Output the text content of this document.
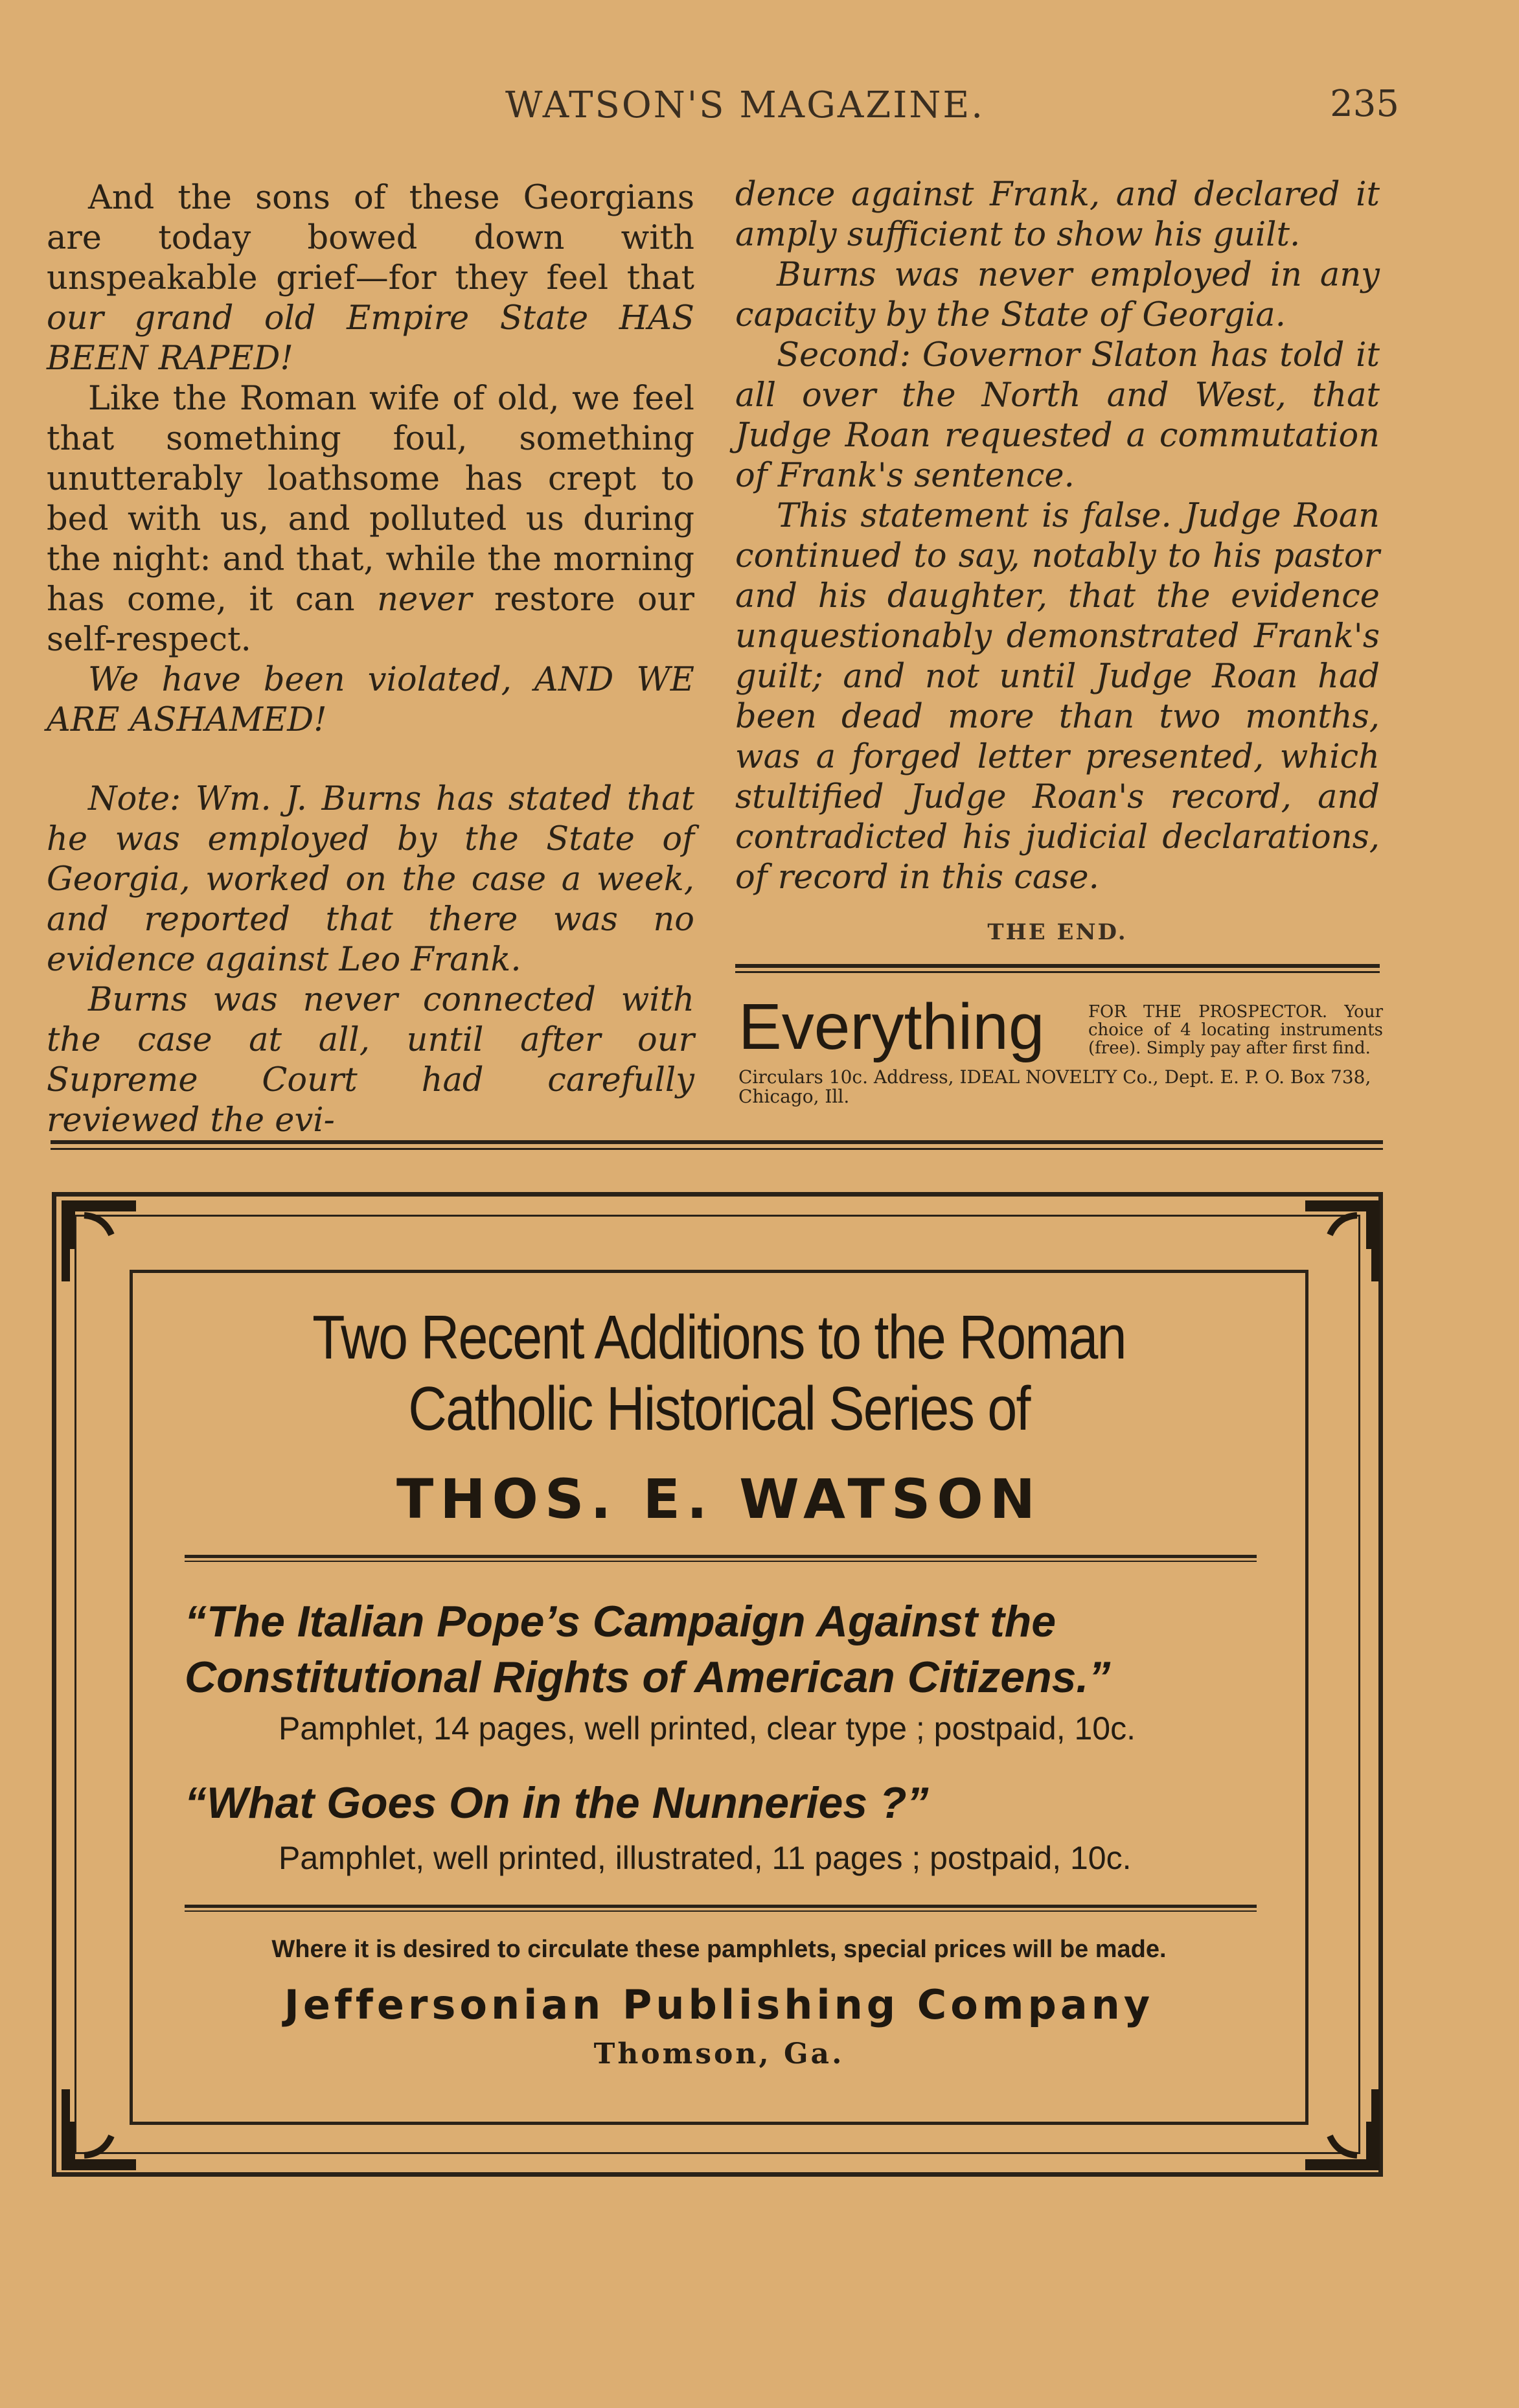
WATSON'S MAGAZINE.	235

And the sons of these Georgians are today bowed down with unspeakable grief—for they feel that our grand old Empire State HAS BEEN RAPED!

Like the Roman wife of old, we feel that something foul, something unutterably loathsome has crept to bed with us, and polluted us during the night: and that, while the morning has come, it can never restore our self-respect.

We have been violated, AND WE ARE ASHAMED!

Note: Wm. J. Burns has stated that he was employed by the State of Georgia, worked on the case a week, and reported that there was no evidence against Leo Frank.

Burns was never connected with the case at all, until after our Supreme Court had carefully reviewed the evi-

dence against Frank, and declared it amply sufficient to show his guilt.

Burns was never employed in any capacity by the State of Georgia.

Second: Governor Slaton has told it all over the North and West, that Judge Roan requested a commutation of Frank's sentence.

This statement is false. Judge Roan continued to say, notably to his pastor and his daughter, that the evidence unquestionably demonstrated Frank's guilt; and not until Judge Roan had been dead more than two months, was a forged letter presented, which stultified Judge Roan's record, and contradicted his judicial declarations, of record in this case.

THE END.
Everything	FOR THE PROSPECTOR. Your choice of 4 locating instruments (free). Simply pay after first find.
Circulars 10c. Address, IDEAL NOVELTY Co., Dept. E. P. O. Box 738, Chicago, Ill.
Two Recent Additions to the Roman Catholic Historical Series of
THOS. E. WATSON
“The Italian Pope’s Campaign Against the Constitutional Rights of American Citizens.”
Pamphlet, 14 pages, well printed, clear type ; postpaid, 10c.
“What Goes On in the Nunneries ?”
Pamphlet, well printed, illustrated, 11 pages ; postpaid, 10c.
Where it is desired to circulate these pamphlets, special prices will be made.
Jeffersonian Publishing Company
Thomson, Ga.
